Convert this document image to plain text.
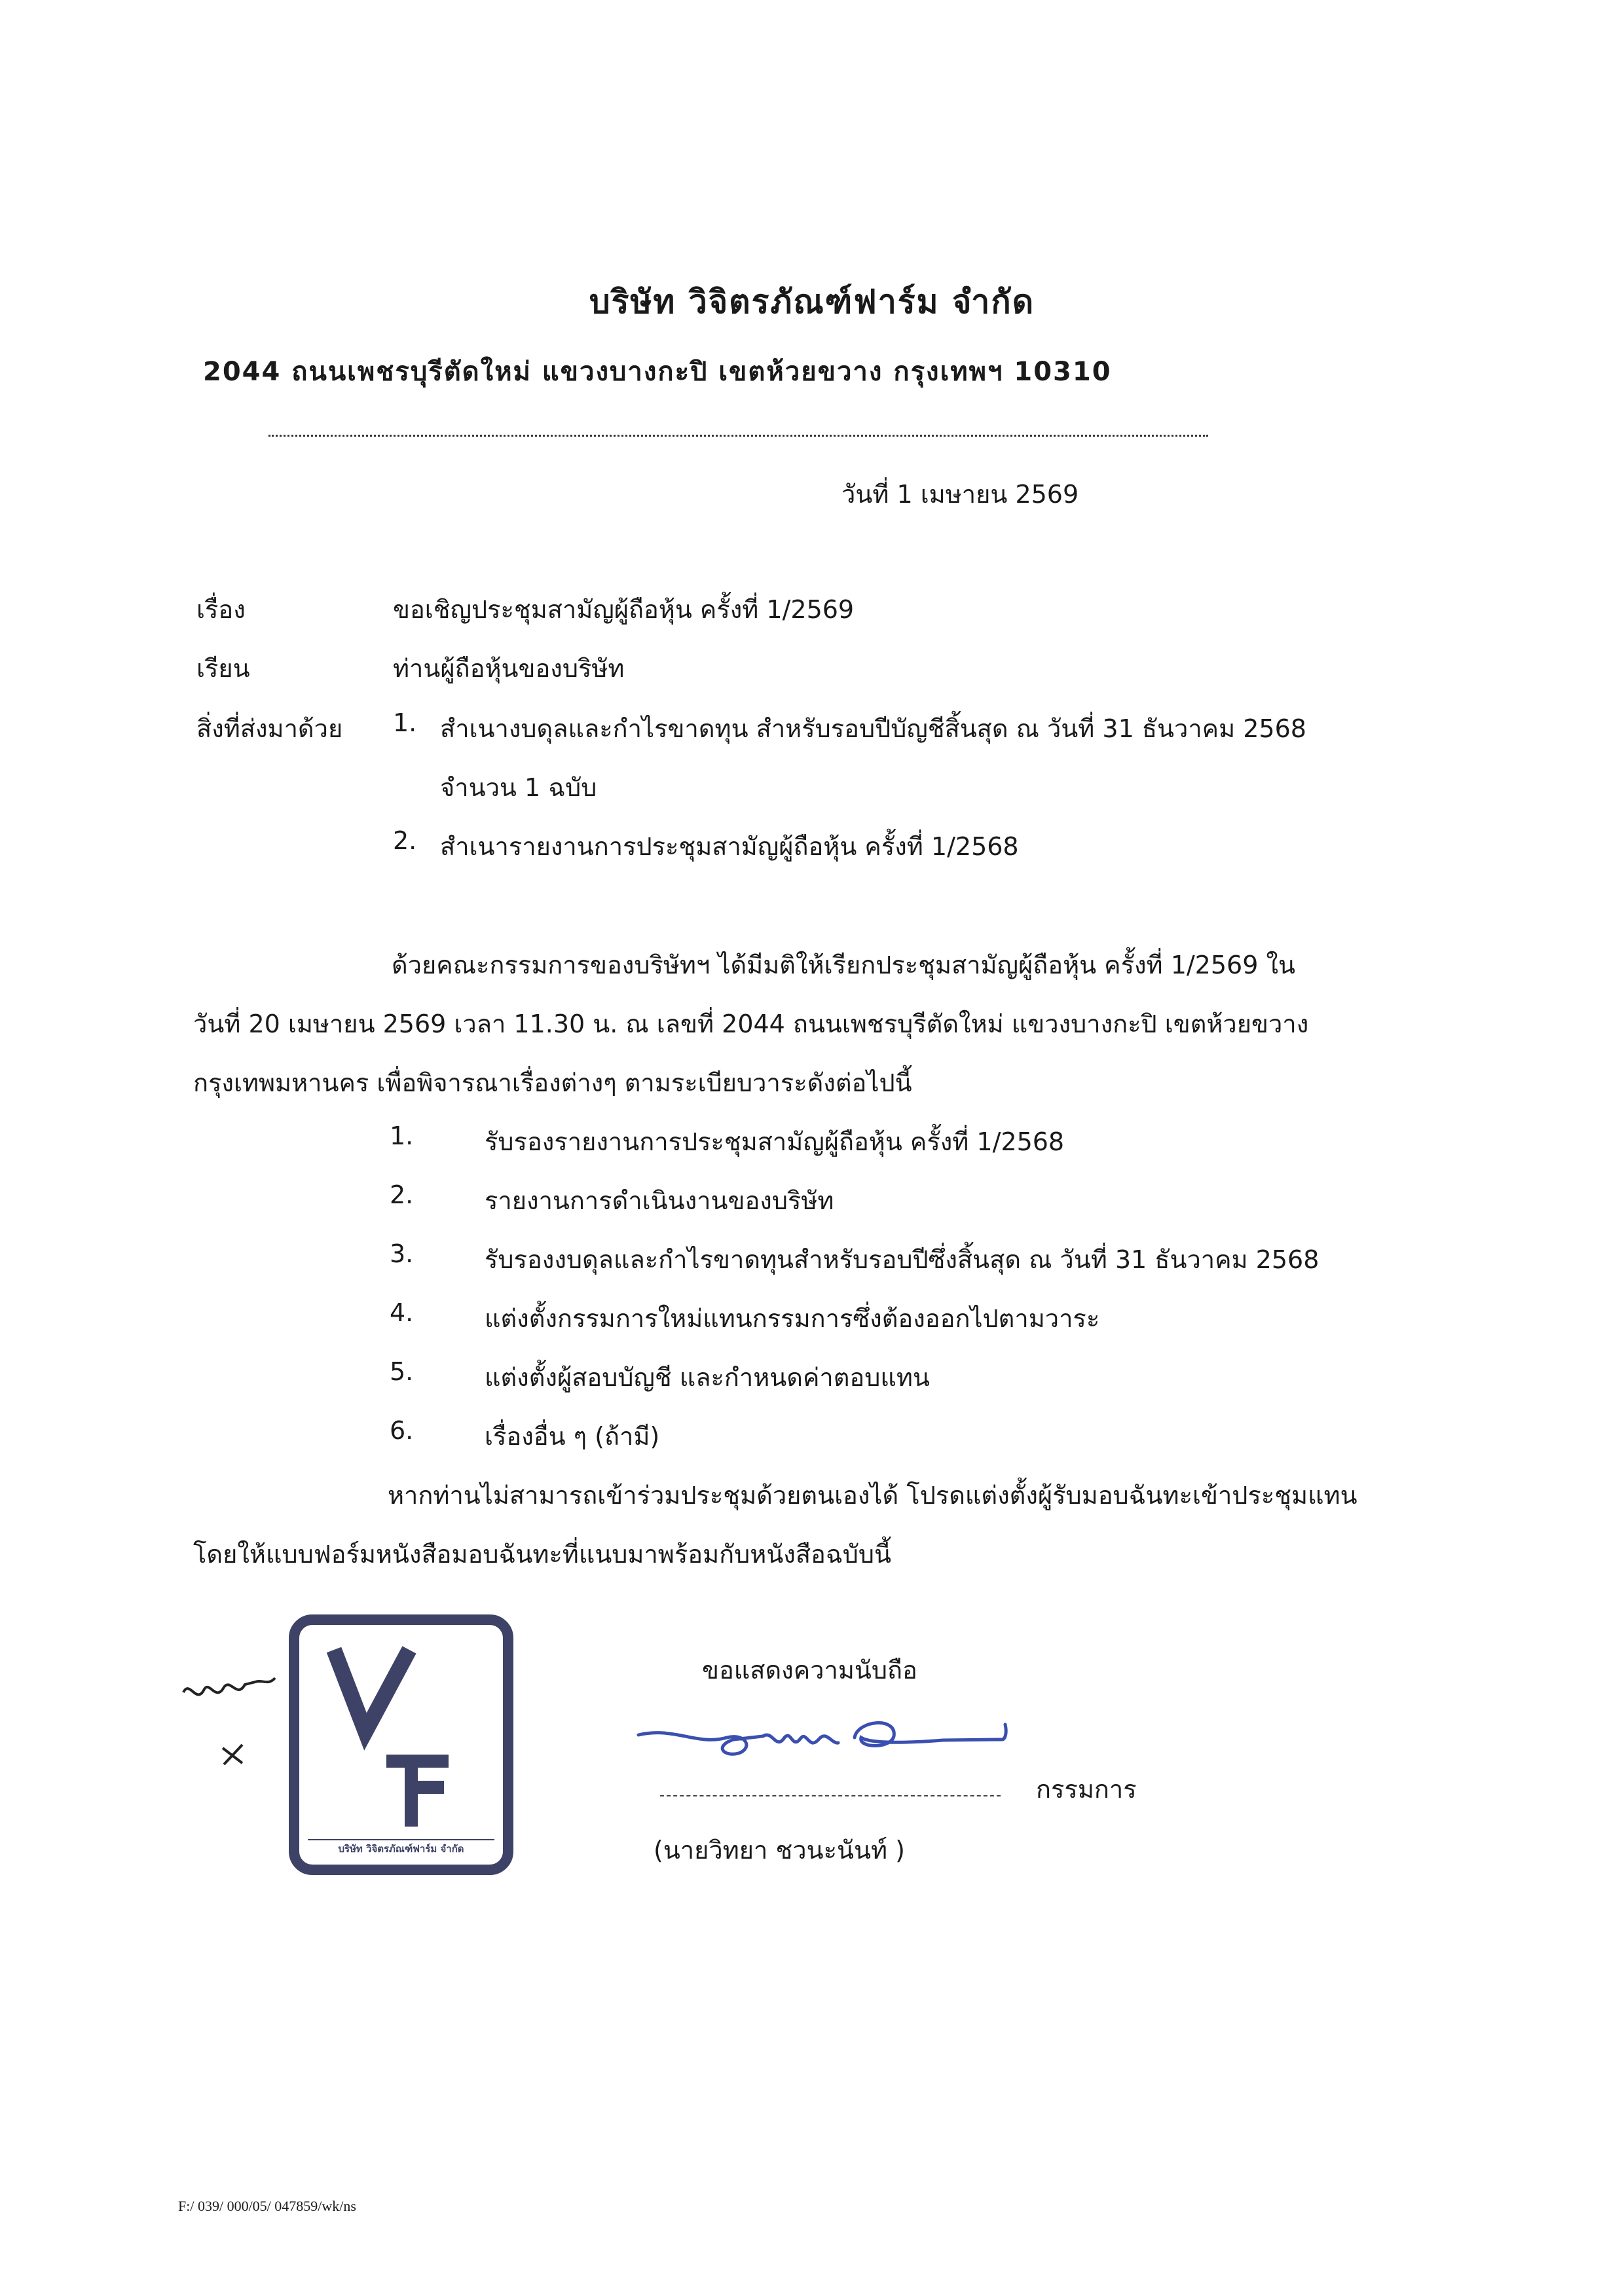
บริษัท วิจิตรภัณฑ์ฟาร์ม จำกัด
2044 ถนนเพชรบุรีตัดใหม่ แขวงบางกะปิ เขตห้วยขวาง กรุงเทพฯ 10310
วันที่ 1 เมษายน 2569
เรื่อง	ขอเชิญประชุมสามัญผู้ถือหุ้น ครั้งที่ 1/2569
เรียน	ท่านผู้ถือหุ้นของบริษัท
สิ่งที่ส่งมาด้วย 1. สำเนางบดุลและกำไรขาดทุน สำหรับรอบปีบัญชีสิ้นสุด ณ วันที่ 31 ธันวาคม 2568
จำนวน 1 ฉบับ
2. สำเนารายงานการประชุมสามัญผู้ถือหุ้น ครั้งที่ 1/2568
ด้วยคณะกรรมการของบริษัทฯ ได้มีมติให้เรียกประชุมสามัญผู้ถือหุ้น ครั้งที่ 1/2569 ใน
วันที่ 20 เมษายน 2569 เวลา 11.30 น. ณ เลขที่ 2044 ถนนเพชรบุรีตัดใหม่ แขวงบางกะปิ เขตห้วยขวาง
กรุงเทพมหานคร เพื่อพิจารณาเรื่องต่างๆ ตามระเบียบวาระดังต่อไปนี้
1.	รับรองรายงานการประชุมสามัญผู้ถือหุ้น ครั้งที่ 1/2568
2.	รายงานการดำเนินงานของบริษัท
3.	รับรองงบดุลและกำไรขาดทุนสำหรับรอบปีซึ่งสิ้นสุด ณ วันที่ 31 ธันวาคม 2568
4.	แต่งตั้งกรรมการใหม่แทนกรรมการซึ่งต้องออกไปตามวาระ
5.	แต่งตั้งผู้สอบบัญชี และกำหนดค่าตอบแทน
6.	เรื่องอื่น ๆ (ถ้ามี)
หากท่านไม่สามารถเข้าร่วมประชุมด้วยตนเองได้ โปรดแต่งตั้งผู้รับมอบฉันทะเข้าประชุมแทน
โดยให้แบบฟอร์มหนังสือมอบฉันทะที่แนบมาพร้อมกับหนังสือฉบับนี้
บริษัท วิจิตรภัณฑ์ฟาร์ม จำกัด
ขอแสดงความนับถือ
กรรมการ
(นายวิทยา ชวนะนันท์ )
F:/ 039/ 000/05/ 047859/wk/ns
